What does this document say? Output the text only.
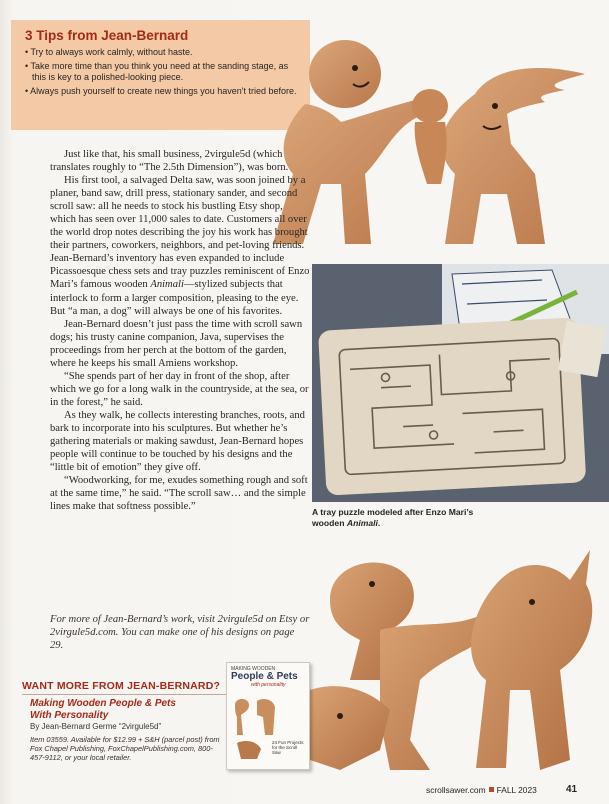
3 Tips from Jean-Bernard
• Try to always work calmly, without haste.
• Take more time than you think you need at the sanding stage, as this is key to a polished-looking piece.
• Always push yourself to create new things you haven't tried before.

Just like that, his small business, 2virgule5d (which translates roughly to “The 2.5th Dimension”), was born.

His first tool, a salvaged Delta saw, was soon joined by a planer, band saw, drill press, stationary sander, and second scroll saw: all he needs to stock his bustling Etsy shop, which has seen over 11,000 sales to date. Customers all over the world drop notes describing the joy his work has brought their partners, coworkers, neighbors, and pet-loving friends. Jean-Bernard’s inventory has even expanded to include Picassoesque chess sets and tray puzzles reminiscent of Enzo Mari’s famous wooden Animali—stylized subjects that interlock to form a larger composition, pleasing to the eye. But “a man, a dog” will always be one of his favorites.

Jean-Bernard doesn’t just pass the time with scroll sawn dogs; his trusty canine companion, Java, supervises the proceedings from her perch at the bottom of the garden, where he keeps his small Amiens workshop.

“She spends part of her day in front of the shop, after which we go for a long walk in the countryside, at the sea, or in the forest,” he said.

As they walk, he collects interesting branches, roots, and bark to incorporate into his sculptures. But whether he’s gathering materials or making sawdust, Jean-Bernard hopes people will continue to be touched by his designs and the “little bit of emotion” they give off.

“Woodworking, for me, exudes something rough and soft at the same time,” he said. “The scroll saw… and the simple lines make that softness possible.”

For more of Jean-Bernard’s work, visit 2virgule5d on Etsy or 2virgule5d.com. You can make one of his designs on page 29.
A tray puzzle modeled after Enzo Mari’s wooden Animali.
WANT MORE FROM JEAN-BERNARD?
Making Wooden People & Pets
With Personality
By Jean-Bernard Germe “2virgule5d”
Item 03559. Available for $12.99 + S&H (parcel post) from Fox Chapel Publishing, FoxChapelPublishing.com, 800-457-9112, or your local retailer.
MAKING WOODEN
People & Pets
with personality
24 Fun Projects for the Scroll Saw
scrollsawer.com FALL 2023	41
